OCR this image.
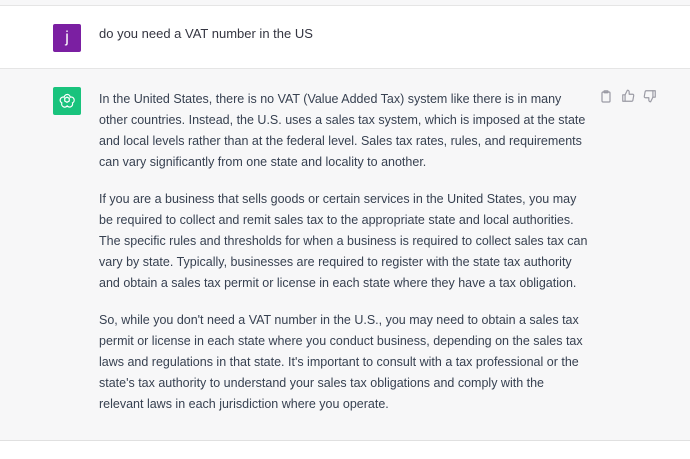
j	do you need a VAT number in the US

In the United States, there is no VAT (Value Added Tax) system like there is in many other countries. Instead, the U.S. uses a sales tax system, which is imposed at the state and local levels rather than at the federal level. Sales tax rates, rules, and requirements can vary significantly from one state and locality to another.

If you are a business that sells goods or certain services in the United States, you may be required to collect and remit sales tax to the appropriate state and local authorities. The specific rules and thresholds for when a business is required to collect sales tax can vary by state. Typically, businesses are required to register with the state tax authority and obtain a sales tax permit or license in each state where they have a tax obligation.

So, while you don't need a VAT number in the U.S., you may need to obtain a sales tax permit or license in each state where you conduct business, depending on the sales tax laws and regulations in that state. It's important to consult with a tax professional or the state's tax authority to understand your sales tax obligations and comply with the relevant laws in each jurisdiction where you operate.
